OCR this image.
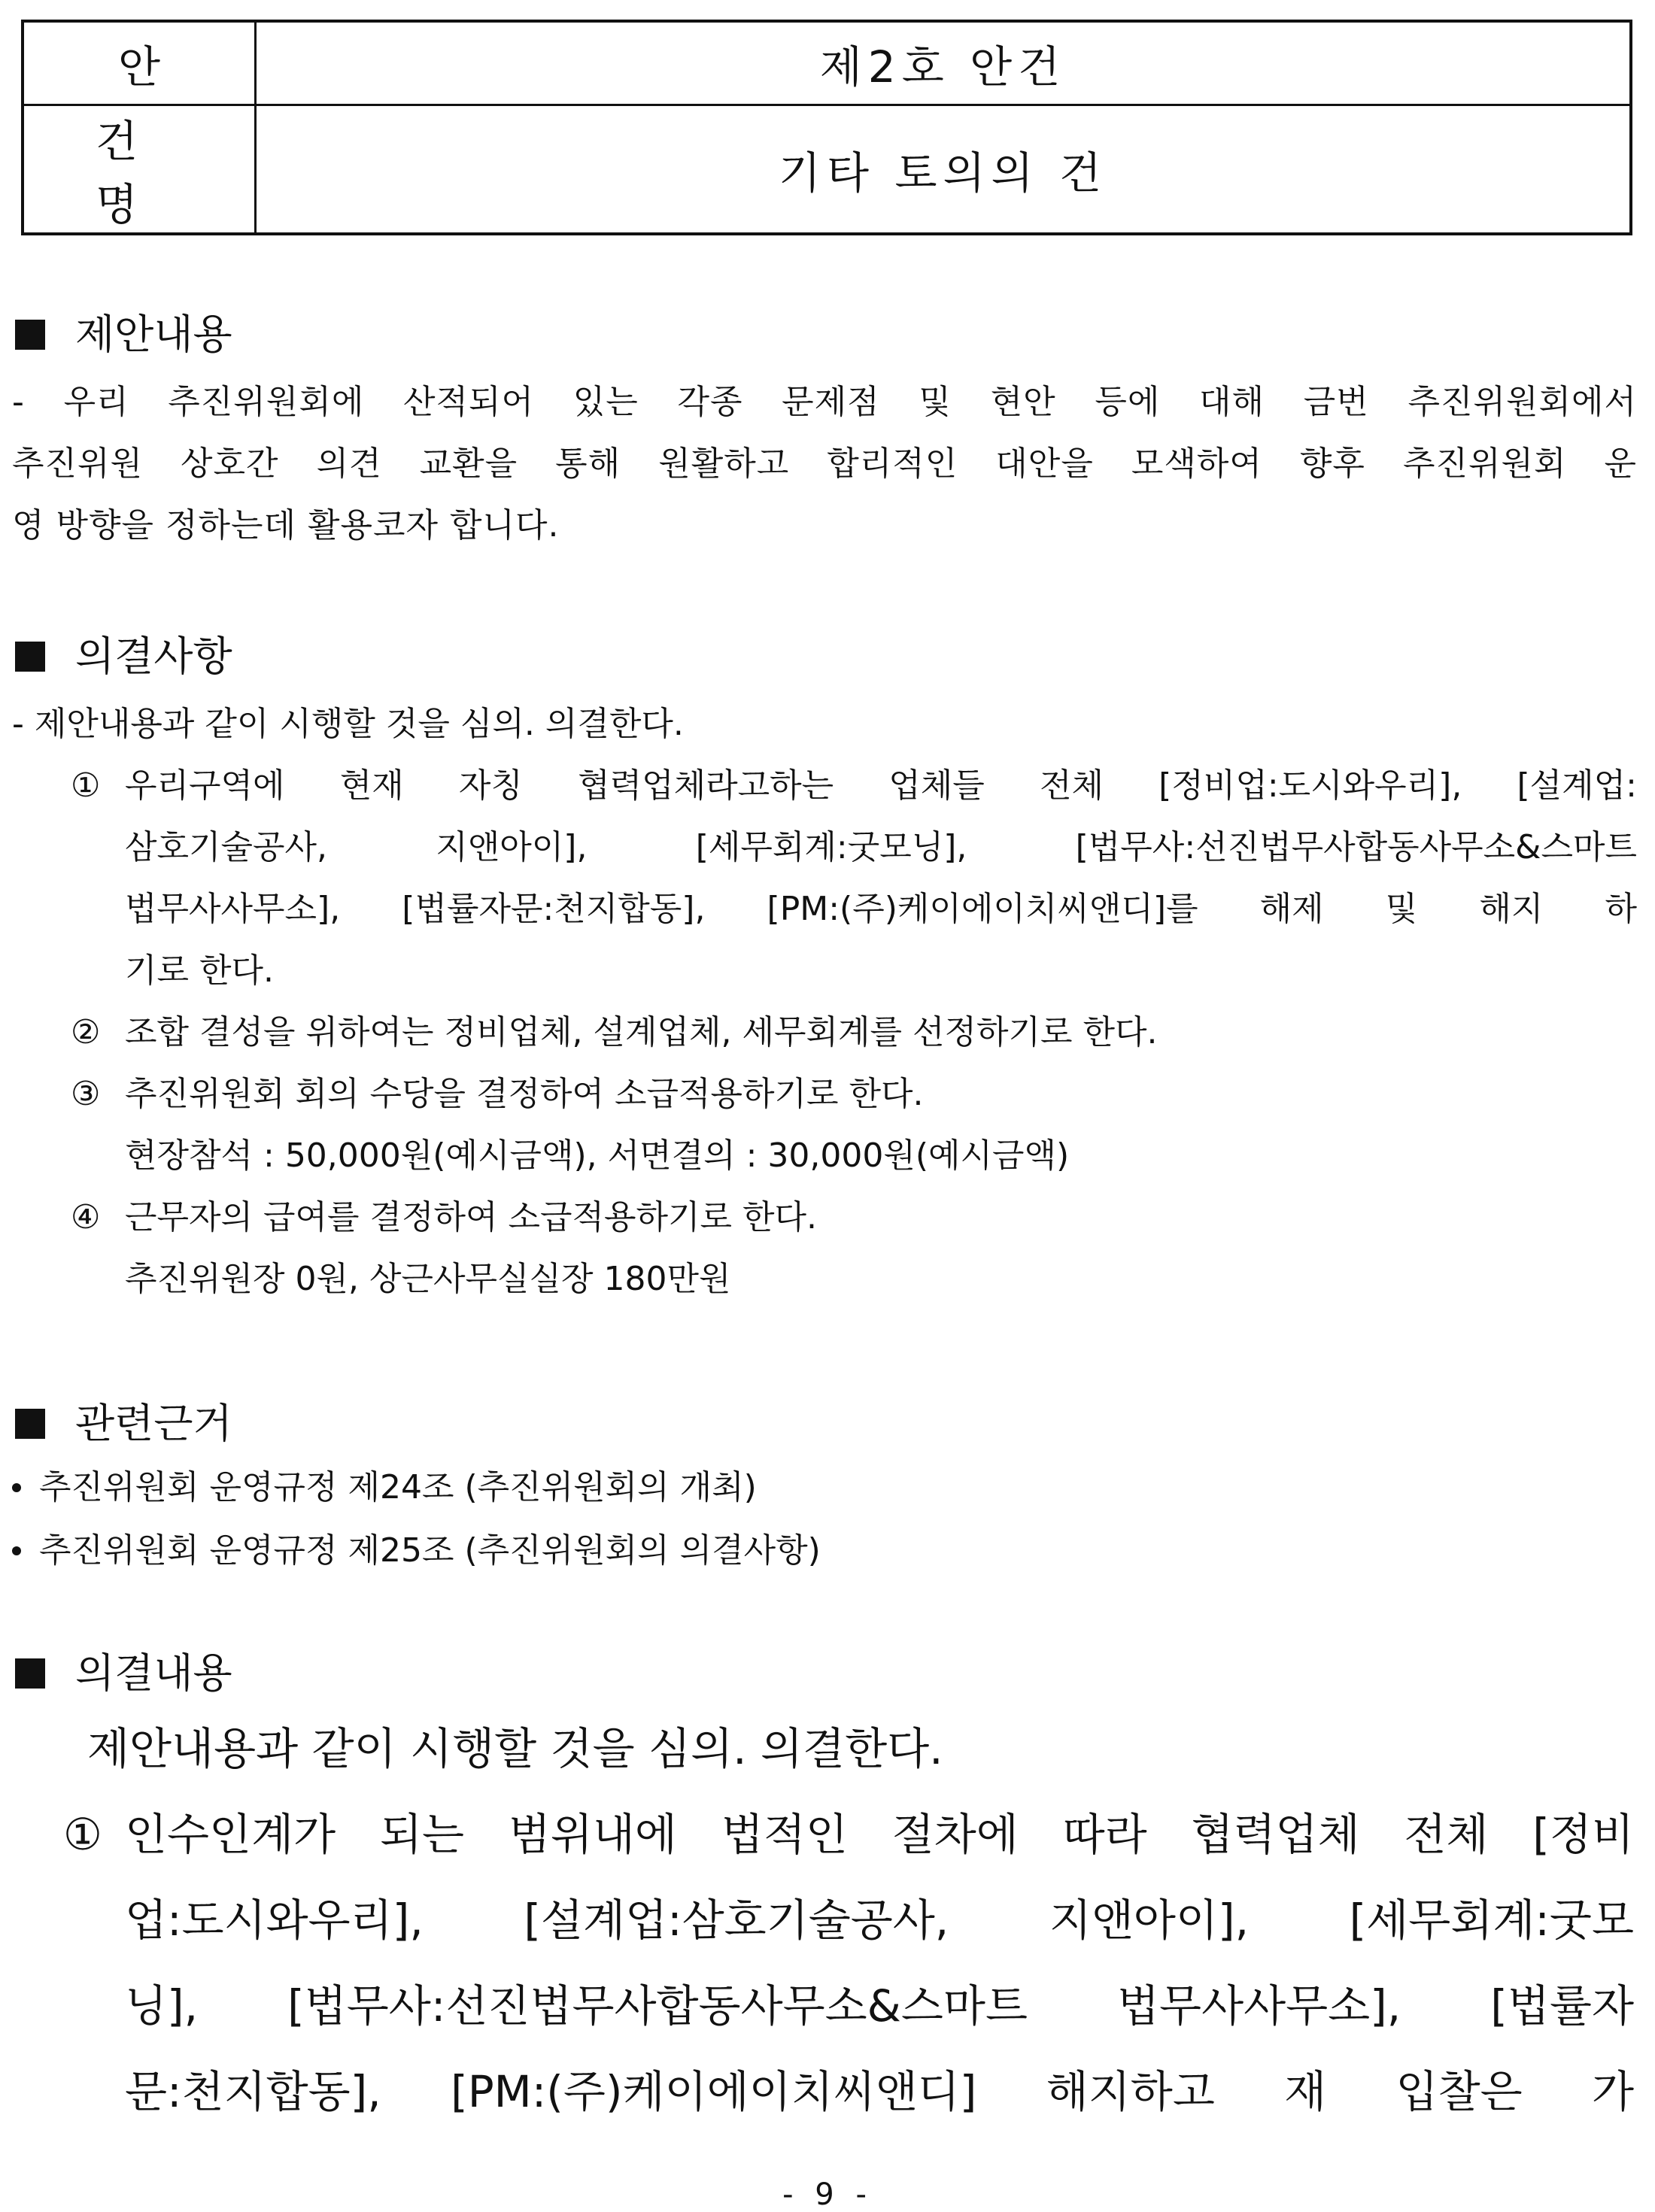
안	제2호 안건
건 명	기타 토의의 건
제안내용
- 우리 추진위원회에 산적되어 있는 각종 문제점 및 현안 등에 대해 금번 추진위원회에서
추진위원 상호간 의견 교환을 통해 원활하고 합리적인 대안을 모색하여 향후 추진위원회 운
영 방향을 정하는데 활용코자 합니다.
의결사항
- 제안내용과 같이 시행할 것을 심의. 의결한다.
① 우리구역에 현재 자칭 협력업체라고하는 업체들 전체 [정비업:도시와우리], [설계업:
삼호기술공사, 지앤아이], [세무회계:굿모닝], [법무사:선진법무사합동사무소&스마트
법무사사무소], [법률자문:천지합동], [PM:(주)케이에이치씨앤디]를 해제 및 해지 하
기로 한다.
② 조합 결성을 위하여는 정비업체, 설계업체, 세무회계를 선정하기로 한다.
③ 추진위원회 회의 수당을 결정하여 소급적용하기로 한다.
현장참석 : 50,000원(예시금액), 서면결의 : 30,000원(예시금액)
④ 근무자의 급여를 결정하여 소급적용하기로 한다.
추진위원장 0원, 상근사무실실장 180만원
관련근거
추진위원회 운영규정 제24조 (추진위원회의 개최)
추진위원회 운영규정 제25조 (추진위원회의 의결사항)
의결내용
제안내용과 같이 시행할 것을 심의. 의결한다.
① 인수인계가 되는 범위내에 법적인 절차에 따라 협력업체 전체 [정비
업:도시와우리], [설계업:삼호기술공사, 지앤아이], [세무회계:굿모
닝], [법무사:선진법무사합동사무소&스마트 법무사사무소], [법률자
문:천지합동], [PM:(주)케이에이치씨앤디] 해지하고 재 입찰은 가
- 9 -
